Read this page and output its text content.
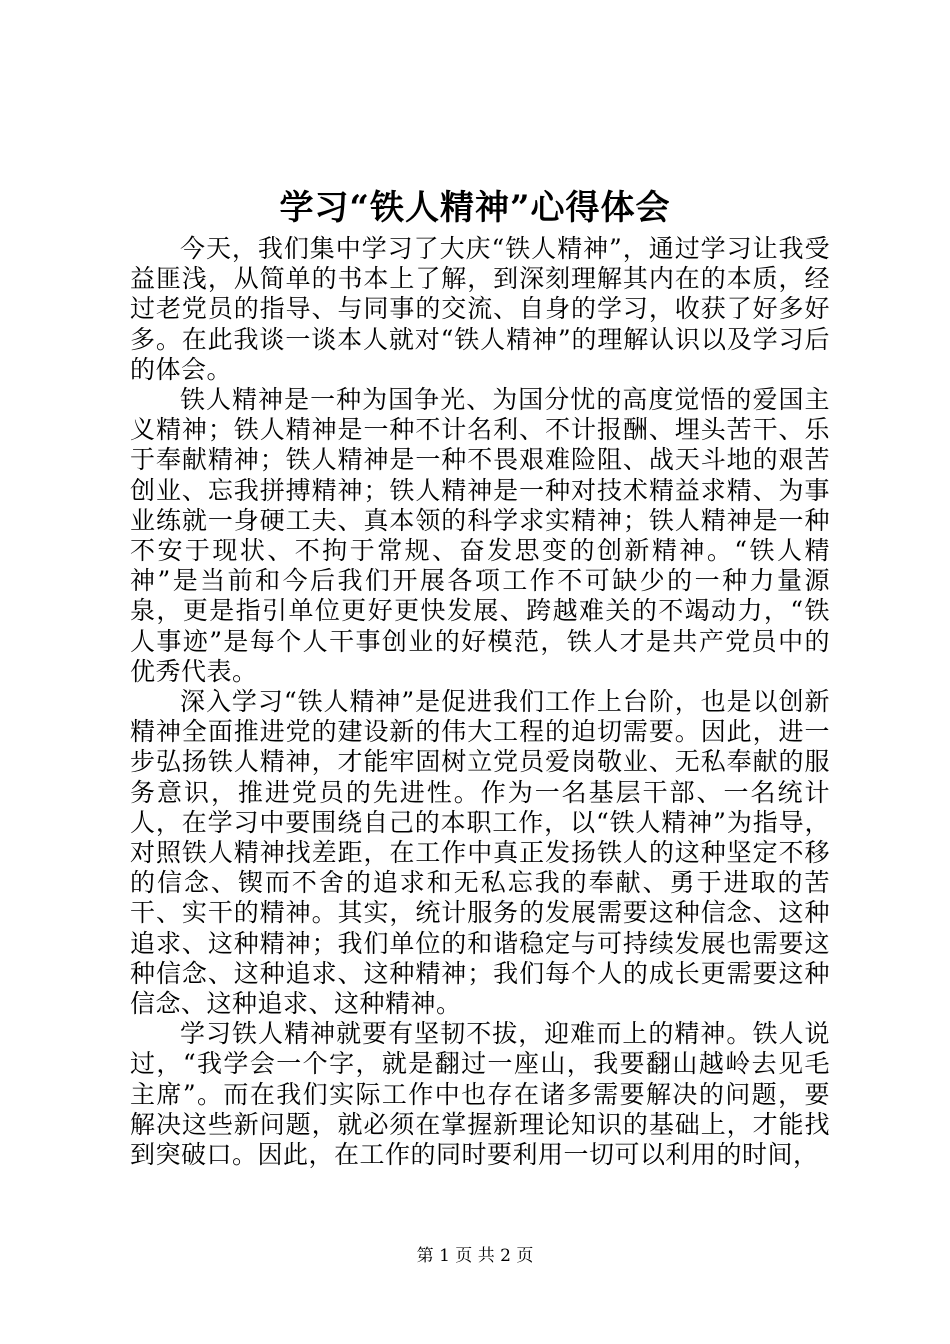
学习“铁人精神”心得体会

今天，我们集中学习了大庆“铁人精神”，通过学习让我受益匪浅，从简单的书本上了解，到深刻理解其内在的本质，经过老党员的指导、与同事的交流、自身的学习，收获了好多好多。在此我谈一谈本人就对“铁人精神”的理解认识以及学习后的体会。

铁人精神是一种为国争光、为国分忧的高度觉悟的爱国主义精神；铁人精神是一种不计名利、不计报酬、埋头苦干、乐于奉献精神；铁人精神是一种不畏艰难险阻、战天斗地的艰苦创业、忘我拼搏精神；铁人精神是一种对技术精益求精、为事业练就一身硬工夫、真本领的科学求实精神；铁人精神是一种不安于现状、不拘于常规、奋发思变的创新精神。“铁人精神”是当前和今后我们开展各项工作不可缺少的一种力量源泉，更是指引单位更好更快发展、跨越难关的不竭动力，“铁人事迹”是每个人干事创业的好模范，铁人才是共产党员中的优秀代表。

深入学习“铁人精神”是促进我们工作上台阶，也是以创新精神全面推进党的建设新的伟大工程的迫切需要。因此，进一步弘扬铁人精神，才能牢固树立党员爱岗敬业、无私奉献的服务意识，推进党员的先进性。作为一名基层干部、一名统计人，在学习中要围绕自己的本职工作，以“铁人精神”为指导，对照铁人精神找差距，在工作中真正发扬铁人的这种坚定不移的信念、锲而不舍的追求和无私忘我的奉献、勇于进取的苦干、实干的精神。其实，统计服务的发展需要这种信念、这种追求、这种精神；我们单位的和谐稳定与可持续发展也需要这种信念、这种追求、这种精神；我们每个人的成长更需要这种信念、这种追求、这种精神。

学习铁人精神就要有坚韧不拔，迎难而上的精神。铁人说过，“我学会一个字，就是翻过一座山，我要翻山越岭去见毛主席”。而在我们实际工作中也存在诸多需要解决的问题，要解决这些新问题，就必须在掌握新理论知识的基础上，才能找到突破口。因此，在工作的同时要利用一切可以利用的时间，

第 1 页 共 2 页
